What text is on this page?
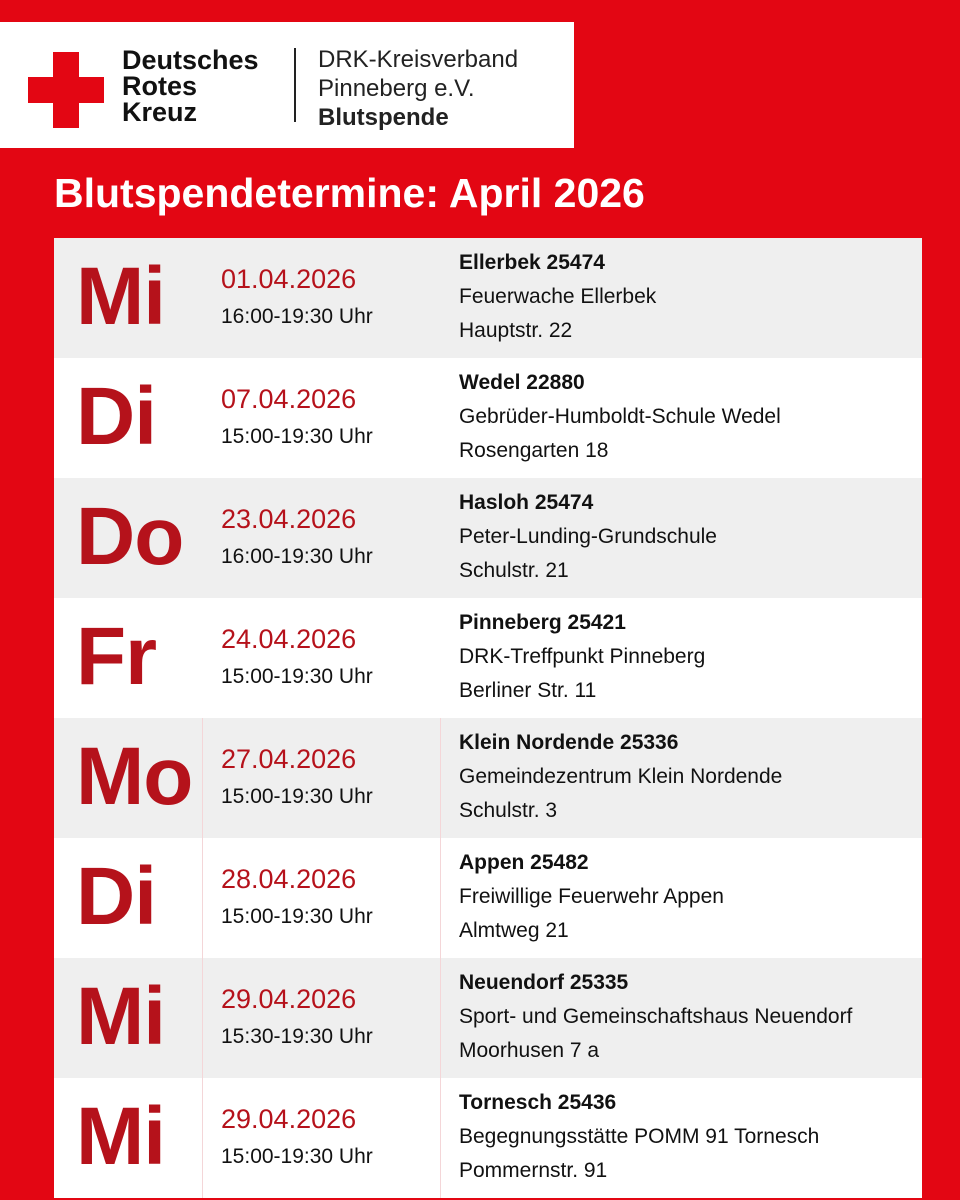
Deutsches
Rotes
Kreuz
DRK-Kreisverband
Pinneberg e.V.
Blutspende
Blutspendetermine: April 2026
Mi 01.04.2026
16:00-19:30 Uhr
Ellerbek 25474
Feuerwache Ellerbek
Hauptstr. 22
Di 07.04.2026
15:00-19:30 Uhr
Wedel 22880
Gebrüder-Humboldt-Schule Wedel
Rosengarten 18
Do 23.04.2026
16:00-19:30 Uhr
Hasloh 25474
Peter-Lunding-Grundschule
Schulstr. 21
Fr 24.04.2026
15:00-19:30 Uhr
Pinneberg 25421
DRK-Treffpunkt Pinneberg
Berliner Str. 11
Mo 27.04.2026
15:00-19:30 Uhr
Klein Nordende 25336
Gemeindezentrum Klein Nordende
Schulstr. 3
Di 28.04.2026
15:00-19:30 Uhr
Appen 25482
Freiwillige Feuerwehr Appen
Almtweg 21
Mi 29.04.2026
15:30-19:30 Uhr
Neuendorf 25335
Sport- und Gemeinschaftshaus Neuendorf
Moorhusen 7 a
Mi 29.04.2026
15:00-19:30 Uhr
Tornesch 25436
Begegnungsstätte POMM 91 Tornesch
Pommernstr. 91
